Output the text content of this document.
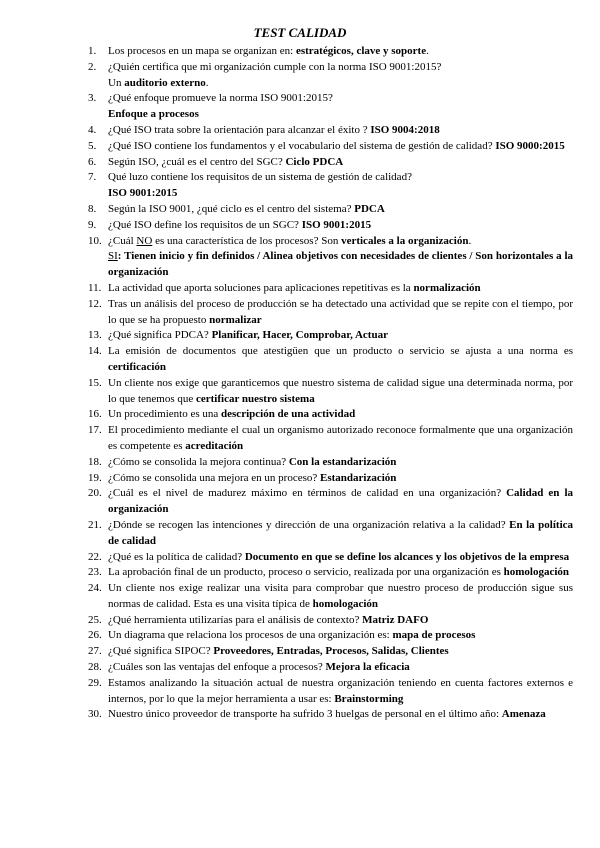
TEST CALIDAD
1.	Los procesos en un mapa se organizan en: estratégicos, clave y soporte.
2.	¿Quién certifica que mi organización cumple con la norma ISO 9001:2015?
Un auditorio externo.
3.	¿Qué enfoque promueve la norma ISO 9001:2015?
Enfoque a procesos
4.	¿Qué ISO trata sobre la orientación para alcanzar el éxito ? ISO 9004:2018
5.	¿Qué ISO contiene los fundamentos y el vocabulario del sistema de gestión de calidad? ISO 9000:2015
6.	Según ISO, ¿cuál es el centro del SGC? Ciclo PDCA
7.	Qué luzo contiene los requisitos de un sistema de gestión de calidad?
ISO 9001:2015
8.	Según la ISO 9001, ¿qué ciclo es el centro del sistema? PDCA
9.	¿Qué ISO define los requisitos de un SGC? ISO 9001:2015
10. ¿Cuál NO es una característica de los procesos? Son verticales a la organización.
SI: Tienen inicio y fin definidos / Alinea objetivos con necesidades de clientes / Son horizontales a la organización
11. La actividad que aporta soluciones para aplicaciones repetitivas es la normalización
12. Tras un análisis del proceso de producción se ha detectado una actividad que se repite con el tiempo, por lo que se ha propuesto normalizar
13. ¿Qué significa PDCA? Planificar, Hacer, Comprobar, Actuar
14. La emisión de documentos que atestigüen que un producto o servicio se ajusta a una norma es certificación
15. Un cliente nos exige que garanticemos que nuestro sistema de calidad sigue una determinada norma, por lo que tenemos que certificar nuestro sistema
16. Un procedimiento es una descripción de una actividad
17. El procedimiento mediante el cual un organismo autorizado reconoce formalmente que una organización es competente es acreditación
18. ¿Cómo se consolida la mejora continua? Con la estandarización
19. ¿Cómo se consolida una mejora en un proceso? Estandarización
20. ¿Cuál es el nivel de madurez máximo en términos de calidad en una organización? Calidad en la organización
21. ¿Dónde se recogen las intenciones y dirección de una organización relativa a la calidad? En la política de calidad
22. ¿Qué es la política de calidad? Documento en que se define los alcances y los objetivos de la empresa
23. La aprobación final de un producto, proceso o servicio, realizada por una organización es homologación
24. Un cliente nos exige realizar una visita para comprobar que nuestro proceso de producción sigue sus normas de calidad. Esta es una visita típica de homologación
25. ¿Qué herramienta utilizarías para el análisis de contexto? Matriz DAFO
26. Un diagrama que relaciona los procesos de una organización es: mapa de procesos
27. ¿Qué significa SIPOC? Proveedores, Entradas, Procesos, Salidas, Clientes
28. ¿Cuáles son las ventajas del enfoque a procesos? Mejora la eficacia
29. Estamos analizando la situación actual de nuestra organización teniendo en cuenta factores externos e internos, por lo que la mejor herramienta a usar es: Brainstorming
30. Nuestro único proveedor de transporte ha sufrido 3 huelgas de personal en el último año: Amenaza
